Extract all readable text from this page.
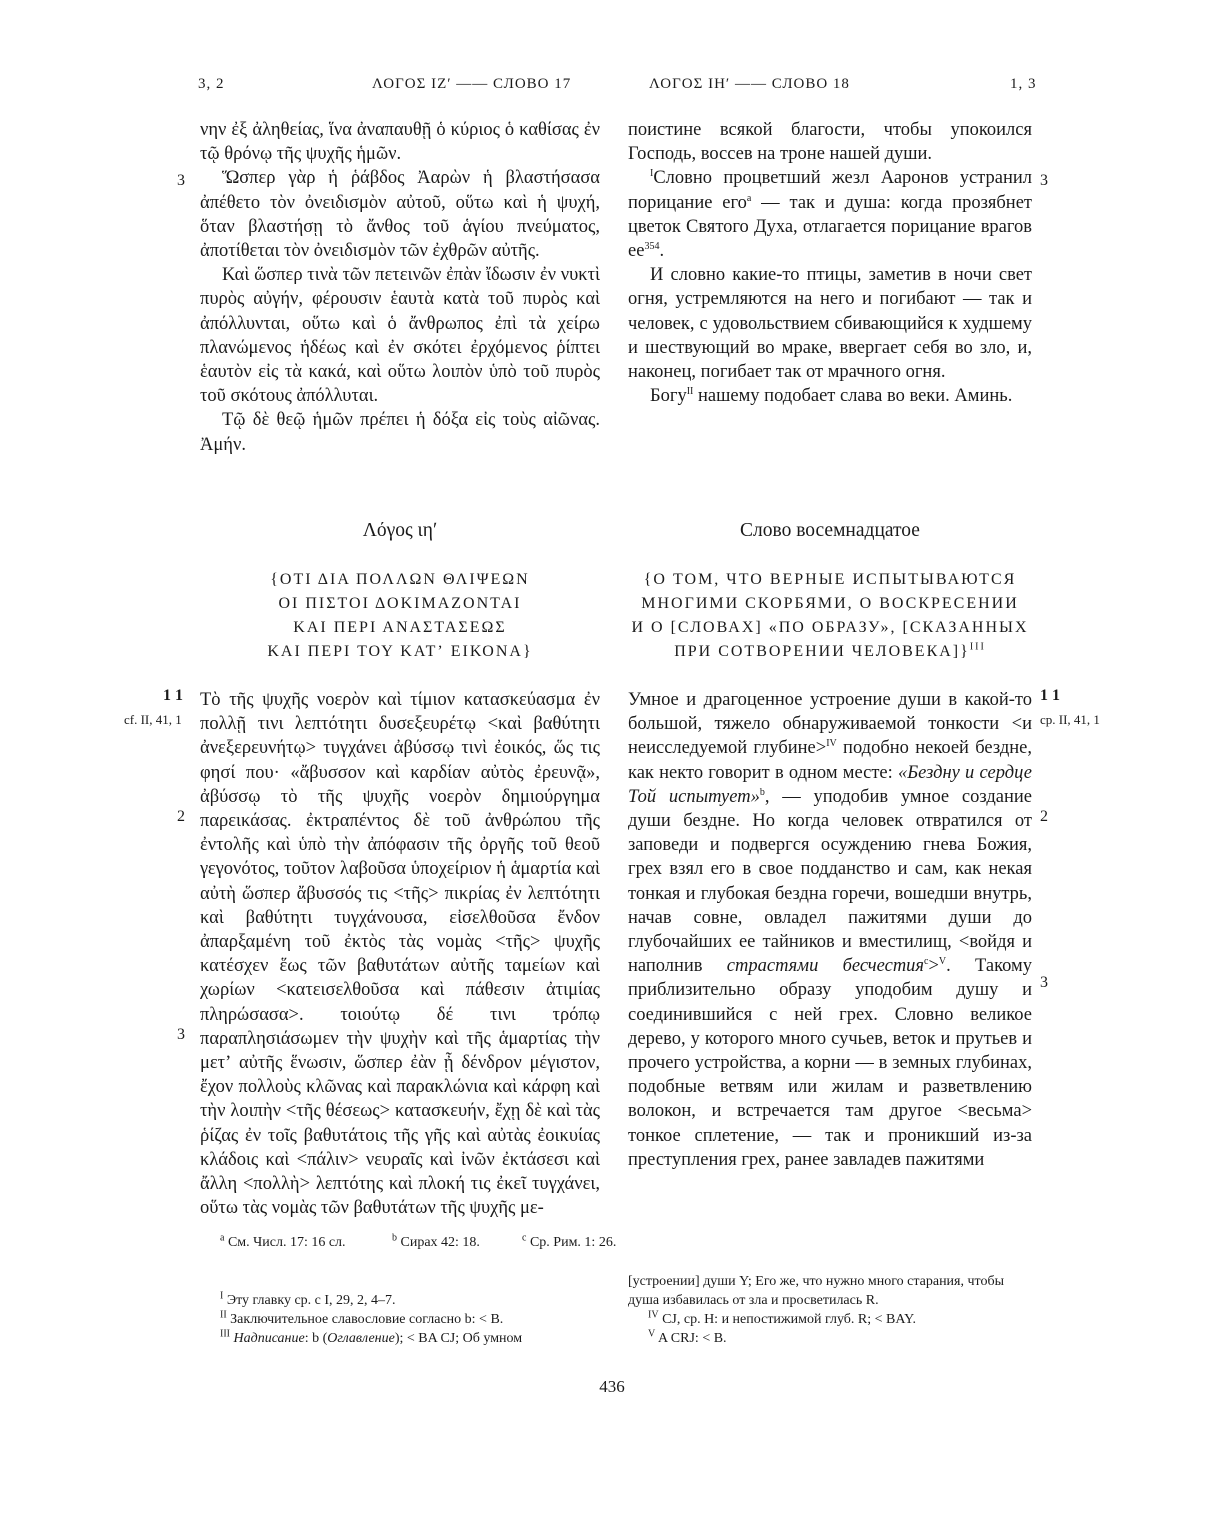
3, 2	ΛΟΓΟΣ ΙΖʹ —— СЛОВО 17	ΛΟΓΟΣ ΙΗʹ —— СЛОВО 18	1, 3

νην ἐξ ἀληθείας, ἵνα ἀναπαυθῇ ὁ κύριος ὁ καθίσας ἐν τῷ θρόνῳ τῆς ψυχῆς ἡμῶν.

Ὥσπερ γὰρ ἡ ῥάβδος Ἀαρὼν ἡ βλαστήσασα ἀπέθετο τὸν ὀνειδισμὸν αὐτοῦ, οὕτω καὶ ἡ ψυχή, ὅταν βλαστήσῃ τὸ ἄνθος τοῦ ἁγίου πνεύματος, ἀποτίθεται τὸν ὀνειδισμὸν τῶν ἐχθρῶν αὐτῆς.

Καὶ ὥσπερ τινὰ τῶν πετεινῶν ἐπὰν ἴδωσιν ἐν νυκτὶ πυρὸς αὐγήν, φέρουσιν ἑαυτὰ κατὰ τοῦ πυρὸς καὶ ἀπόλλυνται, οὕτω καὶ ὁ ἄνθρωπος ἐπὶ τὰ χείρω πλανώμενος ἡδέως καὶ ἐν σκότει ἐρχόμενος ῥίπτει ἑαυτὸν εἰς τὰ κακά, καὶ οὕτω λοιπὸν ὑπὸ τοῦ πυρὸς τοῦ σκότους ἀπόλλυται.

Τῷ δὲ θεῷ ἡμῶν πρέπει ἡ δόξα εἰς τοὺς αἰῶνας. Ἀμήν.

3

поистине всякой благости, чтобы упокоился Господь, воссев на троне нашей души.

$^I$Словно процветший жезл Ааронов устранил порицание его$^a$ — так и душа: когда прозябнет цветок Святого Духа, отлагается порицание врагов $ее^{354}$.

И словно какие-то птицы, заметив в ночи свет огня, устремляются на него и погибают — так и человек, с удовольствием сбивающийся к худшему и шествующий во мраке, ввергает себя во зло, и, наконец, погибает так от мрачного огня.

Богу$^{II}$ нашему подобает слава во веки. Аминь.

3
Λόγος ιηʹ	Слово восемнадцатое
{ΟΤΙ ΔΙΑ ΠΟΛΛΩΝ ΘΛΙΨΕΩΝ
ΟΙ ΠΙΣΤΟΙ ΔΟΚΙΜΑΖΟΝΤΑΙ
ΚΑΙ ΠΕΡΙ ΑΝΑΣΤΑΣΕΩΣ
ΚΑΙ ΠΕΡΙ ΤΟΥ ΚΑΤʼ ΕΙΚΟΝΑ}
{О ТОМ, ЧТО ВЕРНЫЕ ИСПЫТЫВАЮТСЯ
МНОГИМИ СКОРБЯМИ, О ВОСКРЕСЕНИИ
И О [СЛОВАХ] «ПО ОБРАЗУ», [СКАЗАННЫХ
ПРИ СОТВОРЕНИИ ЧЕЛОВЕКА]}$^{III}$
1 1
cf. II, 41, 1
2
3

Τὸ τῆς ψυχῆς νοερὸν καὶ τίμιον κατασκεύασμα ἐν πολλῇ τινι λεπτότητι δυσεξευρέτῳ <καὶ βαθύτητι ἀνεξερευνήτῳ> τυγχάνει ἀβύσσῳ τινὶ ἐοικός, ὥς τις φησί που· «ἄβυσσον καὶ καρδίαν αὐτὸς ἐρευνᾷ», ἀβύσσῳ τὸ τῆς ψυχῆς νοερὸν δημιούργημα παρεικάσας. ἐκτραπέντος δὲ τοῦ ἀνθρώπου τῆς ἐντολῆς καὶ ὑπὸ τὴν ἀπόφασιν τῆς ὀργῆς τοῦ θεοῦ γεγονότος, τοῦτον λαβοῦσα ὑποχείριον ἡ ἁμαρτία καὶ αὐτὴ ὥσπερ ἄβυσσός τις <τῆς> πικρίας ἐν λεπτότητι καὶ βαθύτητι τυγχάνουσα, εἰσελθοῦσα ἔνδον ἀπαρξαμένη τοῦ ἐκτὸς τὰς νομὰς <τῆς> ψυχῆς κατέσχεν ἕως τῶν βαθυτάτων αὐτῆς ταμείων καὶ χωρίων <κατεισελθοῦσα καὶ πάθεσιν ἀτιμίας πληρώσασα>. τοιούτῳ δέ τινι τρόπῳ παραπλησιάσωμεν τὴν ψυχὴν καὶ τῆς ἁμαρτίας τὴν μετʼ αὐτῆς ἕνωσιν, ὥσπερ ἐὰν ᾖ δένδρον μέγιστον, ἔχον πολλοὺς κλῶνας καὶ παρακλώνια καὶ κάρφη καὶ τὴν λοιπὴν <τῆς θέσεως> κατασκευήν, ἔχῃ δὲ καὶ τὰς ῥίζας ἐν τοῖς βαθυτάτοις τῆς γῆς καὶ αὐτὰς ἐοικυίας κλάδοις καὶ <πάλιν> νευραῖς καὶ ἰνῶν ἐκτάσεσι καὶ ἄλλη <πολλὴ> λεπτότης καὶ πλοκή τις ἐκεῖ τυγχάνει, οὕτω τὰς νομὰς τῶν βαθυτάτων τῆς ψυχῆς με-

1 1
ср. II, 41, 1
2
3

Умное и драгоценное устроение души в какой-то большой, тяжело обнаруживаемой тонкости <и неисследуемой глубине>$^{IV}$ подобно некоей бездне, как некто говорит в одном месте: «Бездну и сердце Той испытует»$^b$, — уподобив умное создание души бездне. Но когда человек отвратился от заповеди и подвергся осуждению гнева Божия, грех взял его в свое подданство и сам, как некая тонкая и глубокая бездна горечи, вошедши внутрь, начав совне, овладел пажитями души до глубочайших ее тайников и вместилищ, <войдя и наполнив страстями бесчестия$^c$>$^V$. Такому приблизительно образу уподобим душу и соединившийся с ней грех. Словно великое дерево, у которого много сучьев, веток и прутьев и прочего устройства, а корни — в земных глубинах, подобные ветвям или жилам и разветвлению волокон, и встречается там другое <весьма> тонкое сплетение, — так и проникший из-за преступления грех, ранее завладев пажитями

$^a$ См. Числ. 17: 16 сл.	$^b$ Сирах 42: 18.	$^c$ Ср. Рим. 1: 26.

$^I$ Эту главку ср. с I, 29, 2, 4–7.

$^{II}$ Заключительное славословие согласно b: < B.

$^{III}$ Надписание: b (Оглавление); < BA CJ; Об умном

[устроении] души Y; Его же, что нужно много старания, чтобы душа избавилась от зла и просветилась R.

$^{IV}$ CJ, ср. H: и непостижимой глуб. R; < BAY.

$^V$ A CRJ: < B.

436
